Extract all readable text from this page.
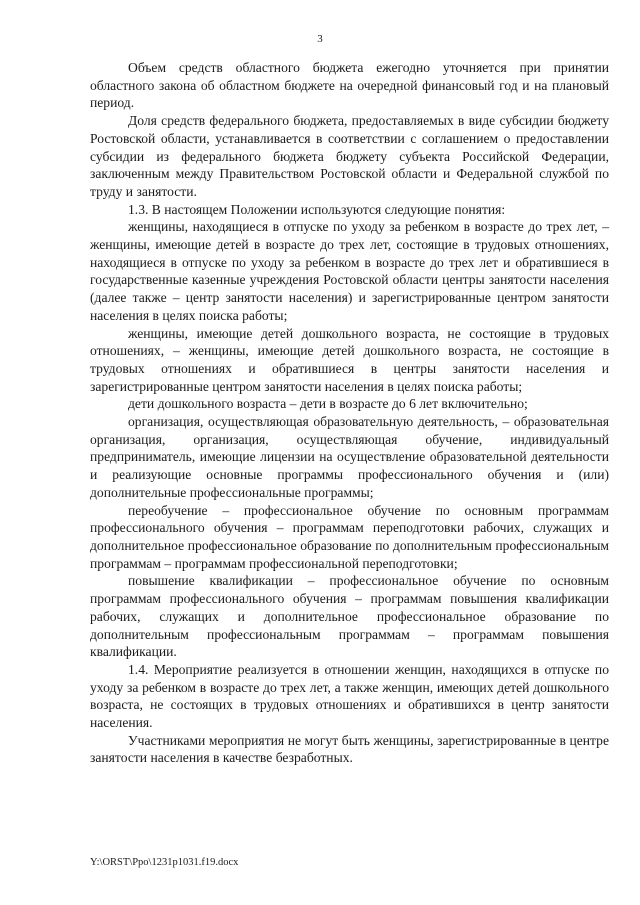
3

Объем средств областного бюджета ежегодно уточняется при принятии областного закона об областном бюджете на очередной финансовый год и на плановый период.

Доля средств федерального бюджета, предоставляемых в виде субсидии бюджету Ростовской области, устанавливается в соответствии с соглашением о предоставлении субсидии из федерального бюджета бюджету субъекта Российской Федерации, заключенным между Правительством Ростовской области и Федеральной службой по труду и занятости.

1.3. В настоящем Положении используются следующие понятия:

женщины, находящиеся в отпуске по уходу за ребенком в возрасте до трех лет, – женщины, имеющие детей в возрасте до трех лет, состоящие в трудовых отношениях, находящиеся в отпуске по уходу за ребенком в возрасте до трех лет и обратившиеся в государственные казенные учреждения Ростовской области центры занятости населения (далее также – центр занятости населения) и зарегистрированные центром занятости населения в целях поиска работы;

женщины, имеющие детей дошкольного возраста, не состоящие в трудовых отношениях, – женщины, имеющие детей дошкольного возраста, не состоящие в трудовых отношениях и обратившиеся в центры занятости населения и зарегистрированные центром занятости населения в целях поиска работы;

дети дошкольного возраста – дети в возрасте до 6 лет включительно;

организация, осуществляющая образовательную деятельность, – образовательная организация, организация, осуществляющая обучение, индивидуальный предприниматель, имеющие лицензии на осуществление образовательной деятельности и реализующие основные программы профессионального обучения и (или) дополнительные профессиональные программы;

переобучение – профессиональное обучение по основным программам профессионального обучения – программам переподготовки рабочих, служащих и дополнительное профессиональное образование по дополнительным профессиональным программам – программам профессиональной переподготовки;

повышение квалификации – профессиональное обучение по основным программам профессионального обучения – программам повышения квалификации рабочих, служащих и дополнительное профессиональное образование по дополнительным профессиональным программам – программам повышения квалификации.

1.4. Мероприятие реализуется в отношении женщин, находящихся в отпуске по уходу за ребенком в возрасте до трех лет, а также женщин, имеющих детей дошкольного возраста, не состоящих в трудовых отношениях и обратившихся в центр занятости населения.

Участниками мероприятия не могут быть женщины, зарегистрированные в центре занятости населения в качестве безработных.

Y:\ORST\Ppo\1231p1031.f19.docx
